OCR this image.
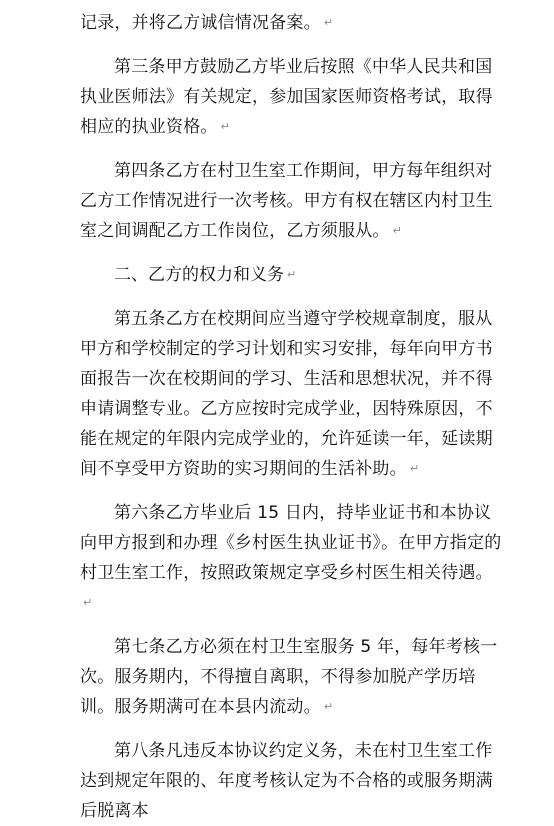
记录，并将乙方诚信情况备案。 ↵

第三条甲方鼓励乙方毕业后按照《中华人民共和国执业医师法》有关规定，参加国家医师资格考试，取得相应的执业资格。 ↵

第四条乙方在村卫生室工作期间，甲方每年组织对乙方工作情况进行一次考核。甲方有权在辖区内村卫生室之间调配乙方工作岗位，乙方须服从。 ↵

二、乙方的权力和义务 ↵

第五条乙方在校期间应当遵守学校规章制度，服从甲方和学校制定的学习计划和实习安排，每年向甲方书面报告一次在校期间的学习、生活和思想状况，并不得申请调整专业。乙方应按时完成学业，因特殊原因，不能在规定的年限内完成学业的，允许延读一年，延读期间不享受甲方资助的实习期间的生活补助。 ↵

第六条乙方毕业后 15 日内，持毕业证书和本协议向甲方报到和办理《乡村医生执业证书》。在甲方指定的村卫生室工作，按照政策规定享受乡村医生相关待遇。↵

第七条乙方必须在村卫生室服务 5 年，每年考核一次。服务期内，不得擅自离职，不得参加脱产学历培训。服务期满可在本县内流动。 ↵

第八条凡违反本协议约定义务，未在村卫生室工作达到规定年限的、年度考核认定为不合格的或服务期满后脱离本
